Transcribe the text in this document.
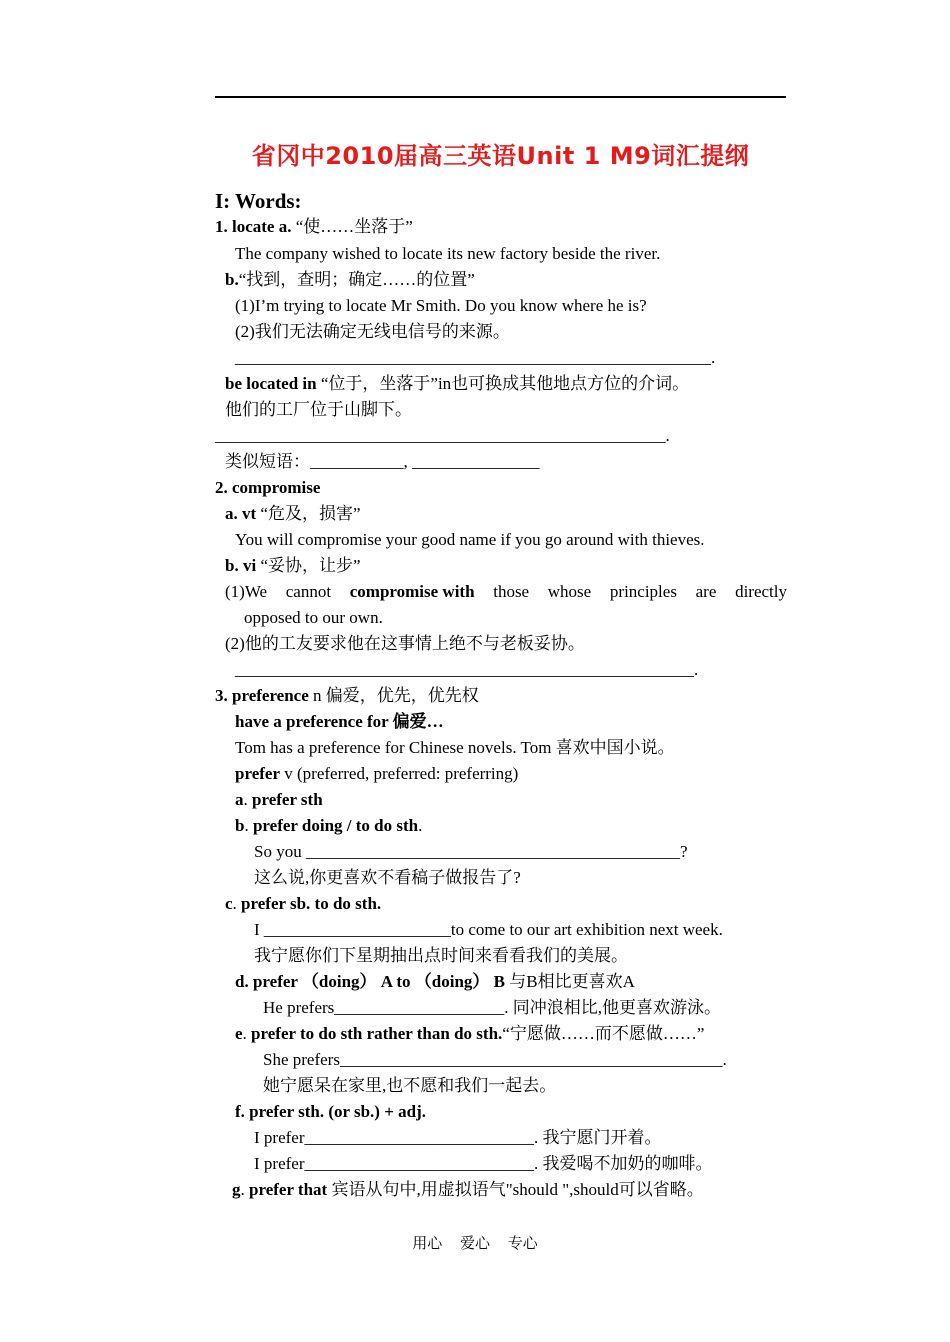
省冈中2010届高三英语Unit 1 M9词汇提纲
I: Words:
1. locate a. “使……坐落于”
The company wished to locate its new factory beside the river.
b.“找到，查明；确定……的位置”
(1)I’m trying to locate Mr Smith. Do you know where he is?
(2)我们无法确定无线电信号的来源。
________________________________________________________.
be located in “位于，坐落于”in也可换成其他地点方位的介词。
他们的工厂位于山脚下。
_____________________________________________________.
类似短语：___________, _______________
2. compromise
a. vt “危及，损害”
You will compromise your good name if you go around with thieves.
b. vi “妥协，让步”
(1)We cannot compromise with those whose principles are directly
opposed to our own.
(2)他的工友要求他在这事情上绝不与老板妥协。
______________________________________________________.
3. preference n 偏爱，优先，优先权
have a preference for 偏爱…
Tom has a preference for Chinese novels. Tom 喜欢中国小说。
prefer v (preferred, preferred: preferring)
a. prefer sth
b. prefer doing / to do sth.
So you ____________________________________________?
这么说,你更喜欢不看稿子做报告了?
c. prefer sb. to do sth.
I ______________________to come to our art exhibition next week.
我宁愿你们下星期抽出点时间来看看我们的美展。
d. prefer （doing） A to （doing） B 与B相比更喜欢A
He prefers____________________. 同冲浪相比,他更喜欢游泳。
e. prefer to do sth rather than do sth.“宁愿做……而不愿做……”
She prefers_____________________________________________.
她宁愿呆在家里,也不愿和我们一起去。
f. prefer sth. (or sb.) + adj.
I prefer___________________________. 我宁愿门开着。
I prefer___________________________. 我爱喝不加奶的咖啡。
g. prefer that 宾语从句中,用虚拟语气"should ",should可以省略。
用心 爱心 专心
